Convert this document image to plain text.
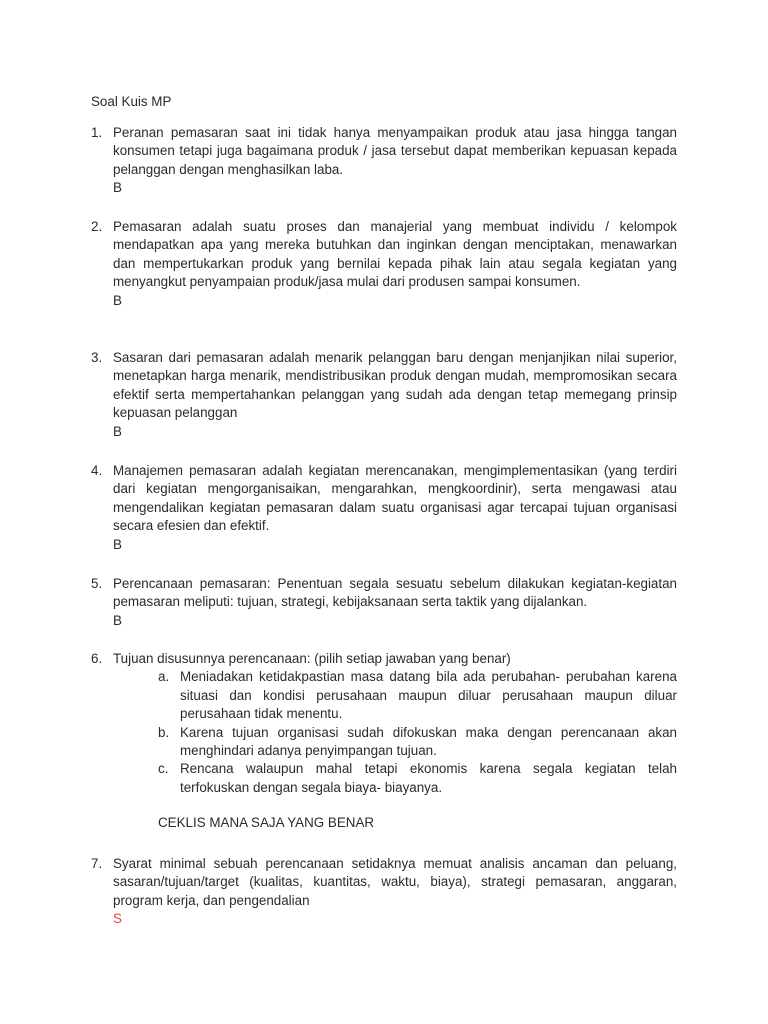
Soal Kuis MP
1. Peranan pemasaran saat ini tidak hanya menyampaikan produk atau jasa hingga tangan konsumen tetapi juga bagaimana produk / jasa tersebut dapat memberikan kepuasan kepada pelanggan dengan menghasilkan laba.
B
2. Pemasaran adalah suatu proses dan manajerial yang membuat individu / kelompok mendapatkan apa yang mereka butuhkan dan inginkan dengan menciptakan, menawarkan dan mempertukarkan produk yang bernilai kepada pihak lain atau segala kegiatan yang menyangkut penyampaian produk/jasa mulai dari produsen sampai konsumen.
B
3. Sasaran dari pemasaran adalah menarik pelanggan baru dengan menjanjikan nilai superior, menetapkan harga menarik, mendistribusikan produk dengan mudah, mempromosikan secara efektif serta mempertahankan pelanggan yang sudah ada dengan tetap memegang prinsip kepuasan pelanggan
B
4. Manajemen pemasaran adalah kegiatan merencanakan, mengimplementasikan (yang terdiri dari kegiatan mengorganisaikan, mengarahkan, mengkoordinir), serta mengawasi atau mengendalikan kegiatan pemasaran dalam suatu organisasi agar tercapai tujuan organisasi secara efesien dan efektif.
B
5. Perencanaan pemasaran: Penentuan segala sesuatu sebelum dilakukan kegiatan-kegiatan pemasaran meliputi: tujuan, strategi, kebijaksanaan serta taktik yang dijalankan.
B
6. Tujuan disusunnya perencanaan: (pilih setiap jawaban yang benar)
a. Meniadakan ketidakpastian masa datang bila ada perubahan- perubahan karena situasi dan kondisi perusahaan maupun diluar perusahaan maupun diluar perusahaan tidak menentu.
b. Karena tujuan organisasi sudah difokuskan maka dengan perencanaan akan menghindari adanya penyimpangan tujuan.
c. Rencana walaupun mahal tetapi ekonomis karena segala kegiatan telah terfokuskan dengan segala biaya- biayanya.
CEKLIS MANA SAJA YANG BENAR
7. Syarat minimal sebuah perencanaan setidaknya memuat analisis ancaman dan peluang, sasaran/tujuan/target (kualitas, kuantitas, waktu, biaya), strategi pemasaran, anggaran, program kerja, dan pengendalian
S
